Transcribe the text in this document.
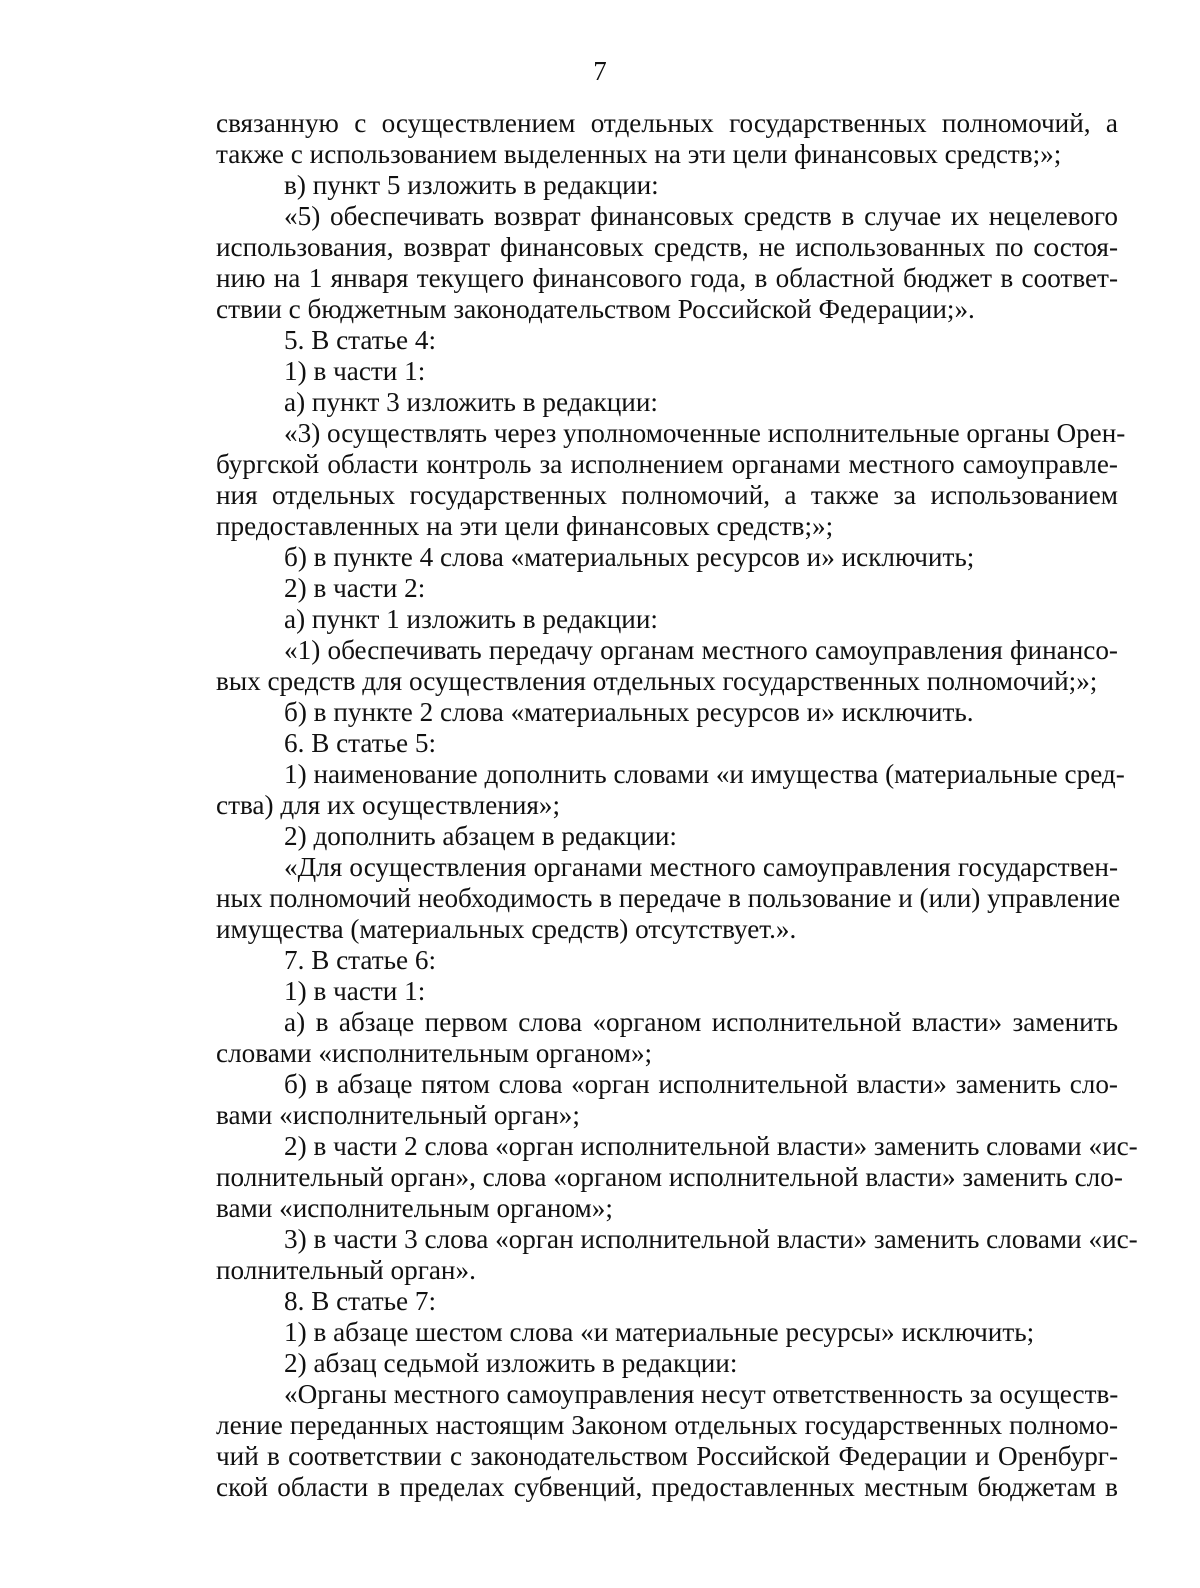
7
связанную с осуществлением отдельных государственных полномочий, а
также с использованием выделенных на эти цели финансовых средств;»;
в) пункт 5 изложить в редакции:
«5) обеспечивать возврат финансовых средств в случае их нецелевого
использования, возврат финансовых средств, не использованных по состоя-
нию на 1 января текущего финансового года, в областной бюджет в соответ-
ствии с бюджетным законодательством Российской Федерации;».
5. В статье 4:
1) в части 1:
а) пункт 3 изложить в редакции:
«3) осуществлять через уполномоченные исполнительные органы Орен-
бургской области контроль за исполнением органами местного самоуправле-
ния отдельных государственных полномочий, а также за использованием
предоставленных на эти цели финансовых средств;»;
б) в пункте 4 слова «материальных ресурсов и» исключить;
2) в части 2:
а) пункт 1 изложить в редакции:
«1) обеспечивать передачу органам местного самоуправления финансо-
вых средств для осуществления отдельных государственных полномочий;»;
б) в пункте 2 слова «материальных ресурсов и» исключить.
6. В статье 5:
1) наименование дополнить словами «и имущества (материальные сред-
ства) для их осуществления»;
2) дополнить абзацем в редакции:
«Для осуществления органами местного самоуправления государствен-
ных полномочий необходимость в передаче в пользование и (или) управление
имущества (материальных средств) отсутствует.».
7. В статье 6:
1) в части 1:
а) в абзаце первом слова «органом исполнительной власти» заменить
словами «исполнительным органом»;
б) в абзаце пятом слова «орган исполнительной власти» заменить сло-
вами «исполнительный орган»;
2) в части 2 слова «орган исполнительной власти» заменить словами «ис-
полнительный орган», слова «органом исполнительной власти» заменить сло-
вами «исполнительным органом»;
3) в части 3 слова «орган исполнительной власти» заменить словами «ис-
полнительный орган».
8. В статье 7:
1) в абзаце шестом слова «и материальные ресурсы» исключить;
2) абзац седьмой изложить в редакции:
«Органы местного самоуправления несут ответственность за осуществ-
ление переданных настоящим Законом отдельных государственных полномо-
чий в соответствии с законодательством Российской Федерации и Оренбург-
ской области в пределах субвенций, предоставленных местным бюджетам в
